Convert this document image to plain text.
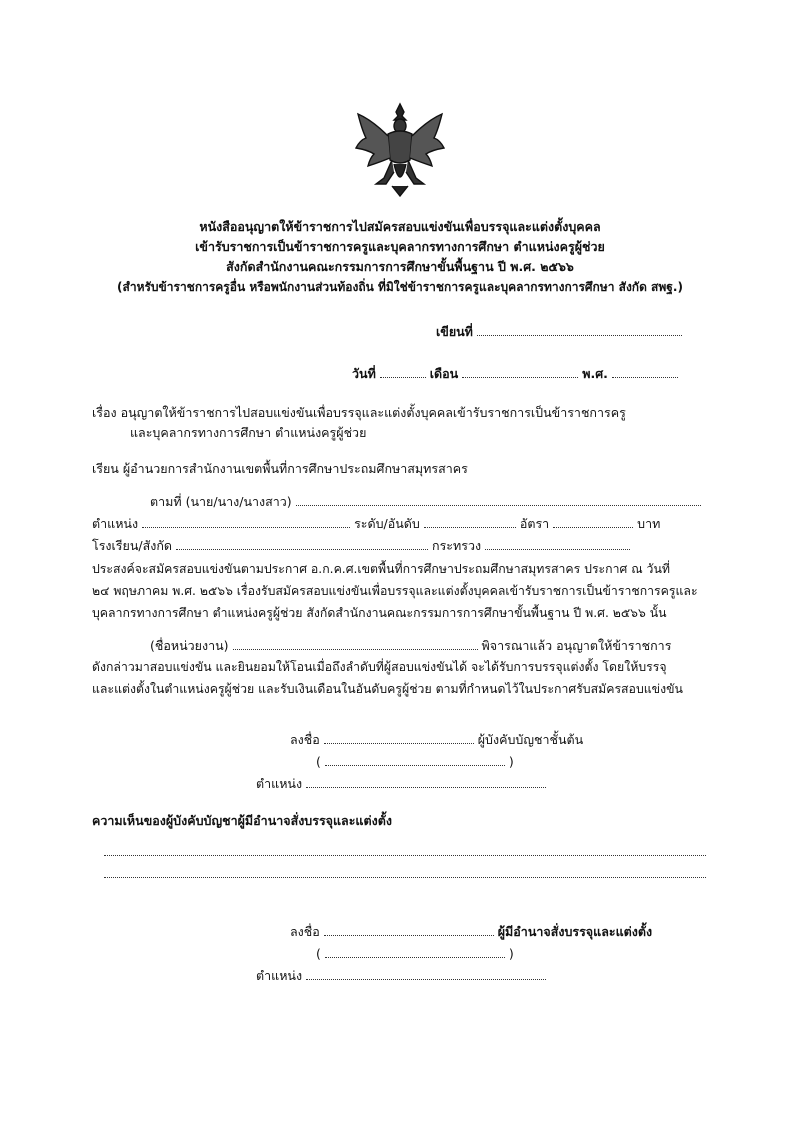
หนังสืออนุญาตให้ข้าราชการไปสมัครสอบแข่งขันเพื่อบรรจุและแต่งตั้งบุคคล
เข้ารับราชการเป็นข้าราชการครูและบุคลากรทางการศึกษา ตำแหน่งครูผู้ช่วย
สังกัดสำนักงานคณะกรรมการการศึกษาขั้นพื้นฐาน ปี พ.ศ. ๒๕๖๖
(สำหรับข้าราชการครูอื่น หรือพนักงานส่วนท้องถิ่น ที่มิใช่ข้าราชการครูและบุคลากรทางการศึกษา สังกัด สพฐ.)
เขียนที่
วันที่	เดือน	พ.ศ.
เรื่อง อนุญาตให้ข้าราชการไปสอบแข่งขันเพื่อบรรจุและแต่งตั้งบุคคลเข้ารับราชการเป็นข้าราชการครู
และบุคลากรทางการศึกษา ตำแหน่งครูผู้ช่วย
เรียน ผู้อำนวยการสำนักงานเขตพื้นที่การศึกษาประถมศึกษาสมุทรสาคร
ตามที่ (นาย/นาง/นางสาว)
ตำแหน่ง	ระดับ/อันดับ	อัตรา	บาท
โรงเรียน/สังกัด	กระทรวง
ประสงค์จะสมัครสอบแข่งขันตามประกาศ อ.ก.ค.ศ.เขตพื้นที่การศึกษาประถมศึกษาสมุทรสาคร ประกาศ ณ วันที่
๒๔ พฤษภาคม พ.ศ. ๒๕๖๖ เรื่องรับสมัครสอบแข่งขันเพื่อบรรจุและแต่งตั้งบุคคลเข้ารับราชการเป็นข้าราชการครูและ
บุคลากรทางการศึกษา ตำแหน่งครูผู้ช่วย สังกัดสำนักงานคณะกรรมการการศึกษาขั้นพื้นฐาน ปี พ.ศ. ๒๕๖๖ นั้น
(ชื่อหน่วยงาน)	พิจารณาแล้ว อนุญาตให้ข้าราชการ
ดังกล่าวมาสอบแข่งขัน และยินยอมให้โอนเมื่อถึงลำดับที่ผู้สอบแข่งขันได้ จะได้รับการบรรจุแต่งตั้ง โดยให้บรรจุ
และแต่งตั้งในตำแหน่งครูผู้ช่วย และรับเงินเดือนในอันดับครูผู้ช่วย ตามที่กำหนดไว้ในประกาศรับสมัครสอบแข่งขัน
ลงชื่อ	ผู้บังคับบัญชาชั้นต้น
(	)
ตำแหน่ง
ความเห็นของผู้บังคับบัญชาผู้มีอำนาจสั่งบรรจุและแต่งตั้ง
ลงชื่อ	ผู้มีอำนาจสั่งบรรจุและแต่งตั้ง
(	)
ตำแหน่ง
